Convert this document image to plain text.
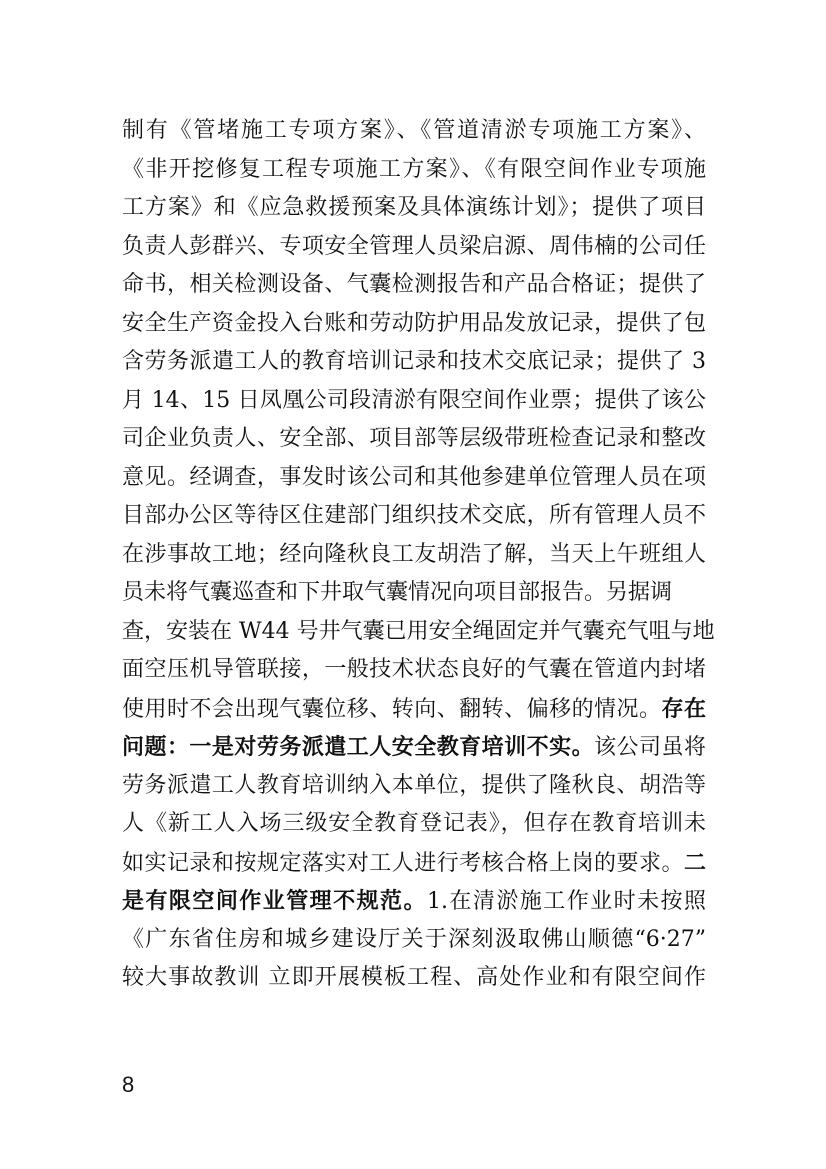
制有《管堵施工专项方案》、《管道清淤专项施工方案》、
《非开挖修复工程专项施工方案》、《有限空间作业专项施
工方案》和《应急救援预案及具体演练计划》；提供了项目
负责人彭群兴、专项安全管理人员梁启源、周伟楠的公司任
命书，相关检测设备、气囊检测报告和产品合格证；提供了
安全生产资金投入台账和劳动防护用品发放记录，提供了包
含劳务派遣工人的教育培训记录和技术交底记录；提供了 3
月 14、15 日凤凰公司段清淤有限空间作业票；提供了该公
司企业负责人、安全部、项目部等层级带班检查记录和整改
意见。经调查，事发时该公司和其他参建单位管理人员在项
目部办公区等待区住建部门组织技术交底，所有管理人员不
在涉事故工地；经向隆秋良工友胡浩了解，当天上午班组人
员未将气囊巡查和下井取气囊情况向项目部报告。另据调
查，安装在 W44 号井气囊已用安全绳固定并气囊充气咀与地
面空压机导管联接，一般技术状态良好的气囊在管道内封堵
使用时不会出现气囊位移、转向、翻转、偏移的情况。存在
问题：一是对劳务派遣工人安全教育培训不实。该公司虽将
劳务派遣工人教育培训纳入本单位，提供了隆秋良、胡浩等
人《新工人入场三级安全教育登记表》，但存在教育培训未
如实记录和按规定落实对工人进行考核合格上岗的要求。二
是有限空间作业管理不规范。1.在清淤施工作业时未按照
《广东省住房和城乡建设厅关于深刻汲取佛山顺德“6·27”
较大事故教训 立即开展模板工程、高处作业和有限空间作
8
